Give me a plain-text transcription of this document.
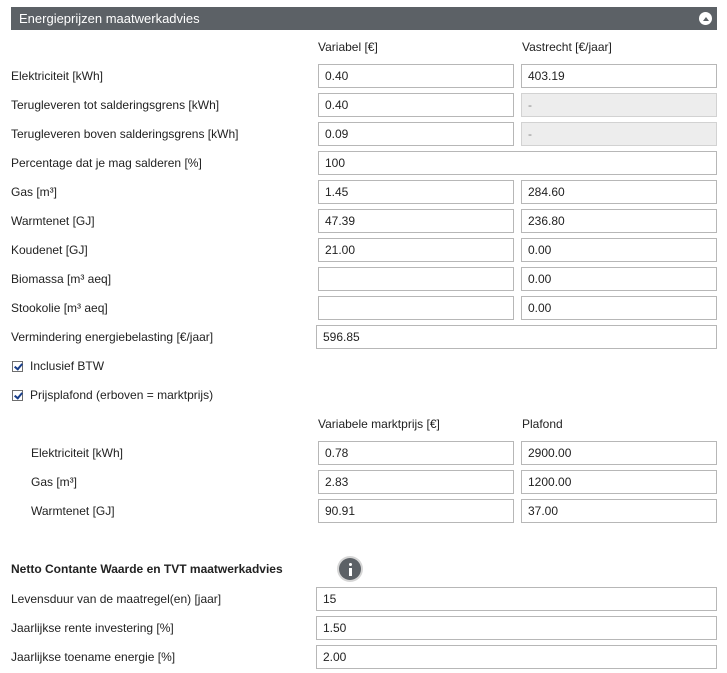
Energieprijzen maatwerkadvies
Variabel [€]	Vastrecht [€/jaar]
Elektriciteit [kWh]
0.40
403.19
Terugleveren tot salderingsgrens [kWh]
0.40
-
Terugleveren boven salderingsgrens [kWh]
0.09
-
Percentage dat je mag salderen [%]
100
Gas [m³]
1.45
284.60
Warmtenet [GJ]
47.39
236.80
Koudenet [GJ]
21.00
0.00
Biomassa [m³ aeq]
0.00
Stookolie [m³ aeq]
0.00
Vermindering energiebelasting [€/jaar]
596.85
Inclusief BTW
Prijsplafond (erboven = marktprijs)
Variabele marktprijs [€]	Plafond
Elektriciteit [kWh]
0.78
2900.00
Gas [m³]
2.83
1200.00
Warmtenet [GJ]
90.91
37.00
Netto Contante Waarde en TVT maatwerkadvies
Levensduur van de maatregel(en) [jaar]
15
Jaarlijkse rente investering [%]
1.50
Jaarlijkse toename energie [%]
2.00
